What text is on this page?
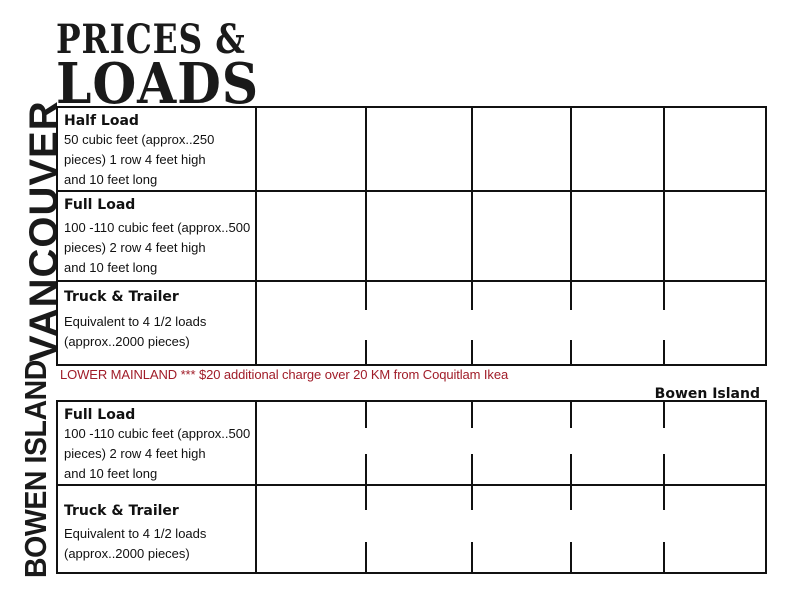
PRICES &
LOADS
VANCOUVER
BOWEN ISLAND
Half Load
50 cubic feet (approx..250
pieces) 1 row 4 feet high
and 10 feet long
Full Load
100 -110 cubic feet (approx..500
pieces) 2 row 4 feet high
and 10 feet long
Truck & Trailer
Equivalent to 4 1/2 loads
(approx..2000 pieces)
LOWER MAINLAND *** $20 additional charge over 20 KM from Coquitlam Ikea
Bowen Island
Full Load
100 -110 cubic feet (approx..500
pieces) 2 row 4 feet high
and 10 feet long
Truck & Trailer
Equivalent to 4 1/2 loads
(approx..2000 pieces)
